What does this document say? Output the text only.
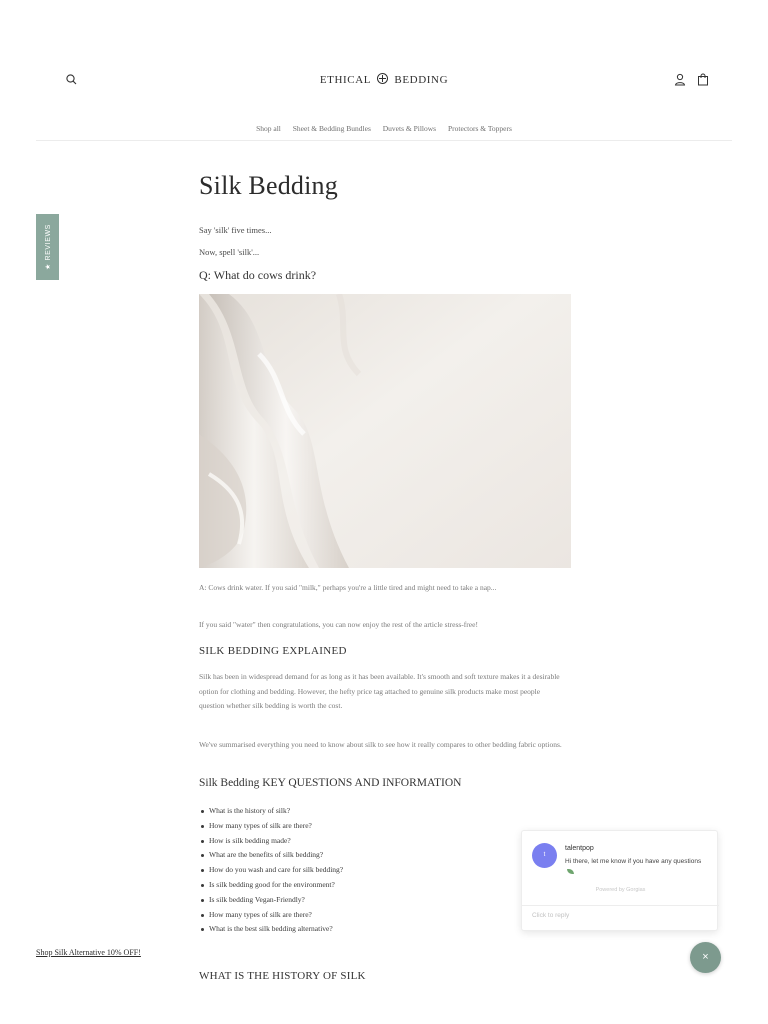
ETHICAL BEDDING
Shop all Sheet & Bedding Bundles Duvets & Pillows Protectors & Toppers
★ REVIEWS
Silk Bedding

Say 'silk' five times...

Now, spell 'silk'...

Q: What do cows drink?

A: Cows drink water. If you said "milk," perhaps you're a little tired and might need to take a nap...

If you said "water" then congratulations, you can now enjoy the rest of the article stress-free!

SILK BEDDING EXPLAINED

Silk has been in widespread demand for as long as it has been available. It's smooth and soft texture makes it a desirable option for clothing and bedding. However, the hefty price tag attached to genuine silk products make most people question whether silk bedding is worth the cost.

We've summarised everything you need to know about silk to see how it really compares to other bedding fabric options.

Silk Bedding KEY QUESTIONS AND INFORMATION
What is the history of silk?
How many types of silk are there?
How is silk bedding made?
What are the benefits of silk bedding?
How do you wash and care for silk bedding?
Is silk bedding good for the environment?
Is silk bedding Vegan-Friendly?
How many types of silk are there?
What is the best silk bedding alternative?
WHAT IS THE HISTORY OF SILK
Shop Silk Alternative 10% OFF!
t
talentpop
Hi there, let me know if you have any questions
Powered by Gorgias
Click to reply
×
